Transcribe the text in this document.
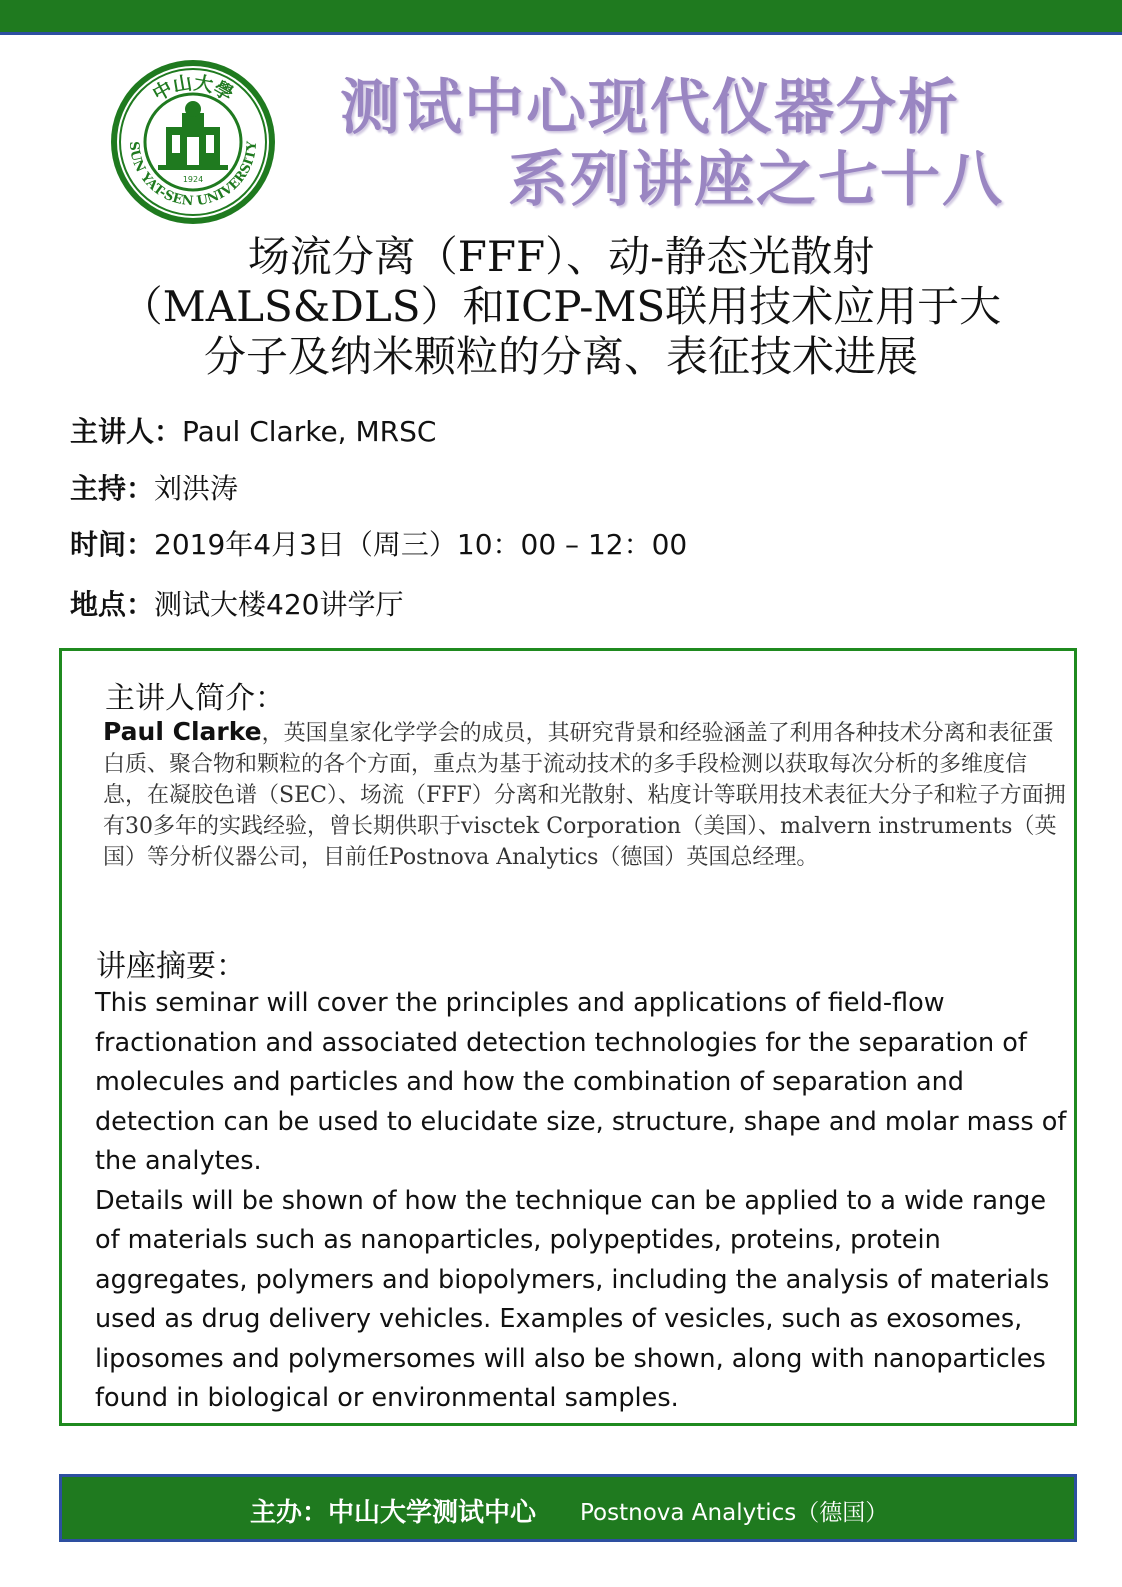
中山大學
SUN YAT-SEN UNIVERSITY
1924
测试中心现代仪器分析
系列讲座之七十八
场流分离（FFF）、动-静态光散射
（MALS&DLS）和ICP-MS联用技术应用于大
分子及纳米颗粒的分离、表征技术进展
主讲人：Paul Clarke, MRSC
主持：刘洪涛
时间：2019年4月3日（周三）10：00 – 12：00
地点：测试大楼420讲学厅
主讲人简介：
Paul Clarke，英国皇家化学学会的成员，其研究背景和经验涵盖了利用各种技术分离和表征蛋白质、聚合物和颗粒的各个方面，重点为基于流动技术的多手段检测以获取每次分析的多维度信息，在凝胶色谱（SEC）、场流（FFF）分离和光散射、粘度计等联用技术表征大分子和粒子方面拥有30多年的实践经验，曾长期供职于visctek Corporation（美国）、malvern instruments（英国）等分析仪器公司，目前任Postnova Analytics（德国）英国总经理。
讲座摘要：

This seminar will cover the principles and applications of field-flow fractionation and associated detection technologies for the separation of molecules and particles and how the combination of separation and detection can be used to elucidate size, structure, shape and molar mass of the analytes.

Details will be shown of how the technique can be applied to a wide range of materials such as nanoparticles, polypeptides, proteins, protein aggregates, polymers and biopolymers, including the analysis of materials used as drug delivery vehicles. Examples of vesicles, such as exosomes, liposomes and polymersomes will also be shown, along with nanoparticles found in biological or environmental samples.

主办：中山大学测试中心 Postnova Analytics（德国）
